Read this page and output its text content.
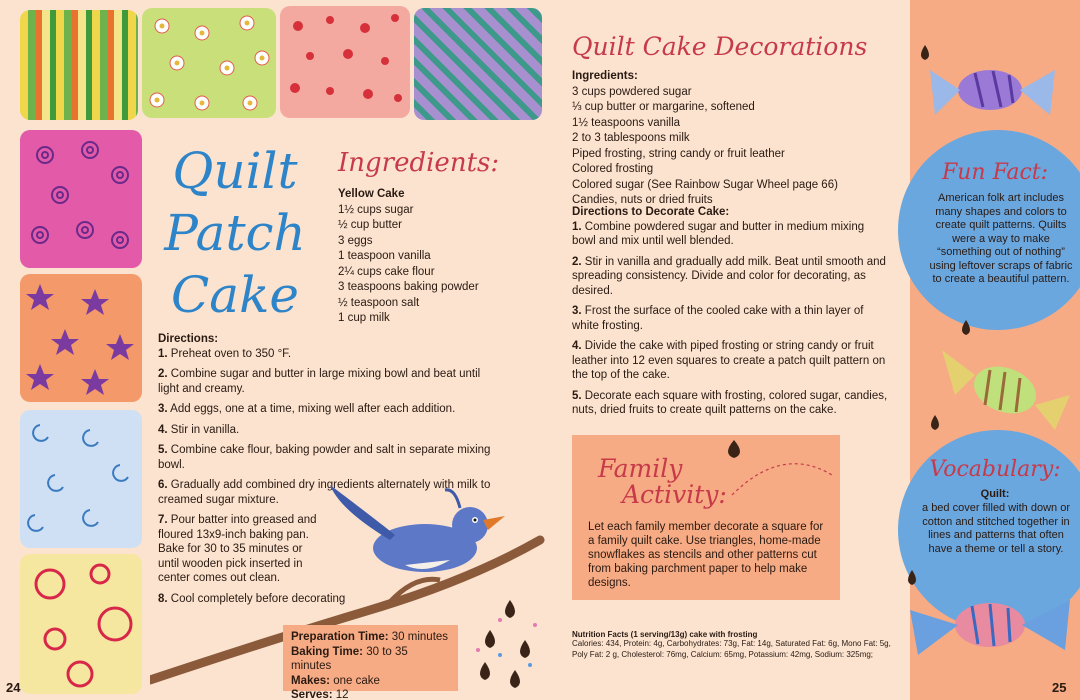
Quilt
Patch
Cake
Ingredients:
Yellow Cake
1½ cups sugar
½ cup butter
3 eggs
1 teaspoon vanilla
2¼ cups cake flour
3 teaspoons baking powder
½ teaspoon salt
1 cup milk

Directions:

1. Preheat oven to 350 °F.

2. Combine sugar and butter in large mixing bowl and beat until light and creamy.

3. Add eggs, one at a time, mixing well after each addition.

4. Stir in vanilla.

5. Combine cake flour, baking powder and salt in separate mixing bowl.

6. Gradually add combined dry ingredients alternately with milk to creamed sugar mixture.

7. Pour batter into greased and floured 13x9-inch baking pan. Bake for 30 to 35 minutes or until wooden pick inserted in center comes out clean.

8. Cool completely before decorating

Preparation Time: 30 minutes
Baking Time: 30 to 35 minutes
Makes: one cake
Serves: 12
24
Quilt Cake Decorations
Ingredients:
3 cups powdered sugar
⅓ cup butter or margarine, softened
1½ teaspoons vanilla
2 to 3 tablespoons milk
Piped frosting, string candy or fruit leather
Colored frosting
Colored sugar (See Rainbow Sugar Wheel page 66)
Candies, nuts or dried fruits

Directions to Decorate Cake:

1. Combine powdered sugar and butter in medium mixing bowl and mix until well blended.

2. Stir in vanilla and gradually add milk. Beat until smooth and spreading consistency. Divide and color for decorating, as desired.

3. Frost the surface of the cooled cake with a thin layer of white frosting.

4. Divide the cake with piped frosting or string candy or fruit leather into 12 even squares to create a patch quilt pattern on the top of the cake.

5. Decorate each square with frosting, colored sugar, candies, nuts, dried fruits to create quilt patterns on the cake.

Family
Activity:
Let each family member decorate a square for a family quilt cake. Use triangles, home-made snowflakes as stencils and other patterns cut from baking parchment paper to help make designs.
Nutrition Facts (1 serving/13g) cake with frosting
Calories: 434, Protein: 4g, Carbohydrates: 73g, Fat: 14g, Saturated Fat: 6g, Mono Fat: 5g, Poly Fat: 2 g, Cholesterol: 76mg, Calcium: 65mg, Potassium: 42mg, Sodium: 325mg;
Fun Fact:
American folk art includes many shapes and colors to create quilt patterns. Quilts were a way to make “something out of nothing” using leftover scraps of fabric to create a beautiful pattern.
Vocabulary:
Quilt:
a bed cover filled with down or cotton and stitched together in lines and patterns that often have a theme or tell a story.
25
